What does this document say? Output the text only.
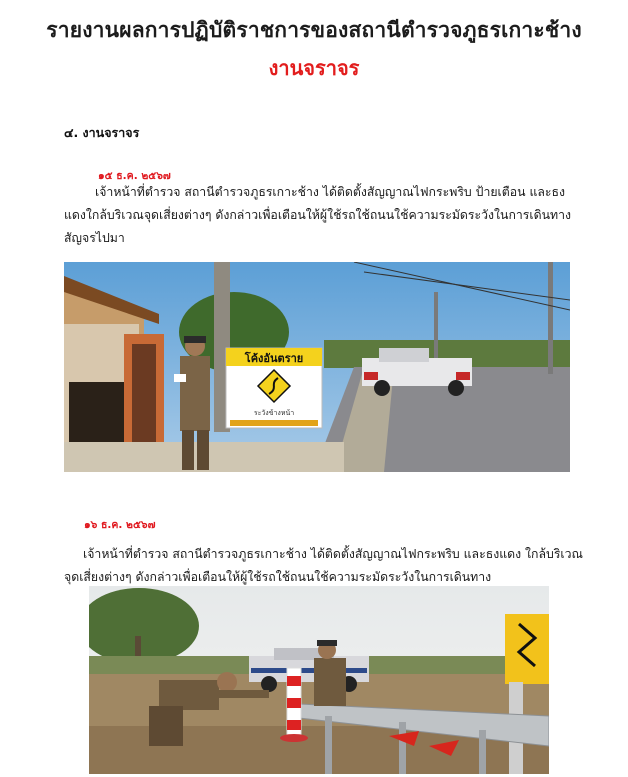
รายงานผลการปฏิบัติราชการของสถานีตำรวจภูธรเกาะช้าง
งานจราจร
๔. งานจราจร
๑๕ ธ.ค. ๒๕๖๗

เจ้าหน้าที่ตำรวจ สถานีตำรวจภูธรเกาะช้าง ได้ติดตั้งสัญญาณไฟกระพริบ ป้ายเตือน และธงแดงใกล้บริเวณจุดเสี่ยงต่างๆ ดังกล่าวเพื่อเตือนให้ผู้ใช้รถใช้ถนนใช้ความระมัดระวังในการเดินทางสัญจรไปมา

โค้งอันตราย
ระวังข้างหน้า
๑๖ ธ.ค. ๒๕๖๗

เจ้าหน้าที่ตำรวจ สถานีตำรวจภูธรเกาะช้าง ได้ติดตั้งสัญญาณไฟกระพริบ และธงแดง ใกล้บริเวณจุดเสี่ยงต่างๆ ดังกล่าวเพื่อเตือนให้ผู้ใช้รถใช้ถนนใช้ความระมัดระวังในการเดินทาง
